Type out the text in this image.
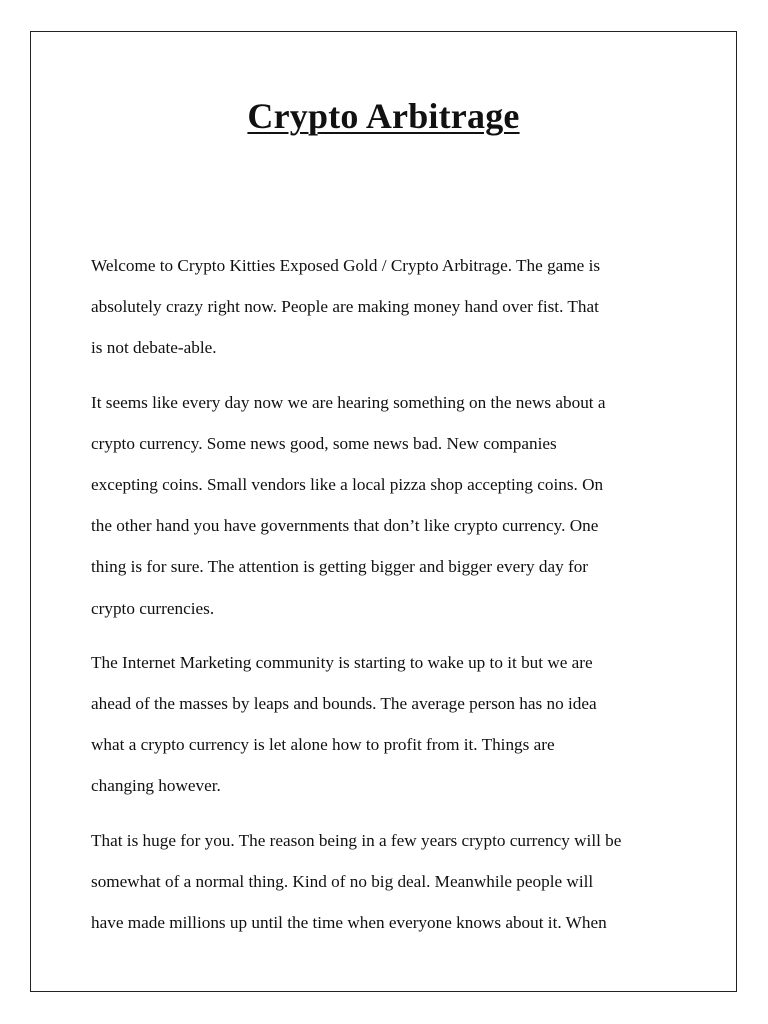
Crypto Arbitrage

Welcome to Crypto Kitties Exposed Gold / Crypto Arbitrage. The game is
absolutely crazy right now. People are making money hand over fist. That
is not debate-able.

It seems like every day now we are hearing something on the news about a
crypto currency. Some news good, some news bad. New companies
excepting coins. Small vendors like a local pizza shop accepting coins. On
the other hand you have governments that don’t like crypto currency. One
thing is for sure. The attention is getting bigger and bigger every day for
crypto currencies.

The Internet Marketing community is starting to wake up to it but we are
ahead of the masses by leaps and bounds. The average person has no idea
what a crypto currency is let alone how to profit from it. Things are
changing however.

That is huge for you. The reason being in a few years crypto currency will be
somewhat of a normal thing. Kind of no big deal. Meanwhile people will
have made millions up until the time when everyone knows about it. When
